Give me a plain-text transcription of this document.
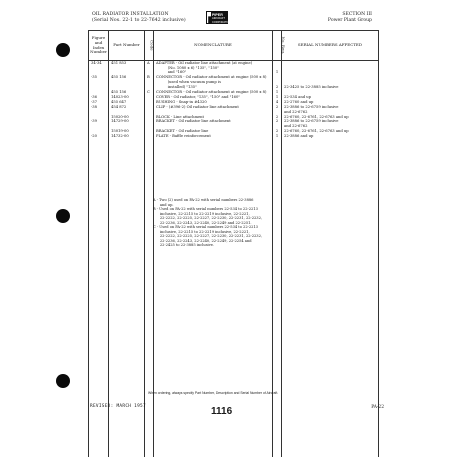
OIL RADIATOR INSTALLATION
(Serial Nos. 22-1 to 22-7642 inclusive)
PIPER
AIRCRAFT CORPORATION
SECTION III
Power Plant Group
Figure and Index Number	Part Number	Code	NOMENCLATURE	No. Req.	SERIAL NUMBERS AFFECTED
34-34	451 853	A	ADAPTER - Oil radiator line attachment (at engine)		
			(No. 1080 x 6) "135", "150"		
			and "160"	1	
-35	455 156	B	CONNECTOR - Oil radiator attachment at engine (500 x 8)		
			(used when vacuum pump is		
			installed) "135"	2	22-3425 to 22-3885 inclusive
	455 156	C	CONNECTOR - Oil radiator attachment at engine (500 x 8)	1	
-36	14023-00		COVER - Oil radiator, "135", "150" and "160"	1	22-534 and up
-37	455 647		BUSHING - Snap-in #4320	4	22-2760 and up
-38	454 872		CLIP - (#396-2) Oil radiator line attachment	2	22-3886 to 22-6759 inclusive
					and 22-6762
	15020-00		BLOCK - Line attachment	2	22-6760, 22-6761, 22-6763 and up
-39	14729-00		BRACKET - Oil radiator line attachment	2	22-3886 to 22-6759 inclusive
					and 22-6762
	15019-00		BRACKET - Oil radiator line	2	22-6760, 22-6761, 22-6763 and up
-20	14732-00		PLATE - Baffle reinforcement	1	22-3886 and up

A - Two (2) used on PA-22 with serial numbers 22-3886

and up.

B - Used on PA-22 with serial numbers 22-534 to 22-2213

inclusive, 22-2215 to 22-2219 inclusive, 22-2221,

22-2222, 22-2225, 22-2227, 22-2230, 22-2231, 22-2232,

22-2236, 22-2243, 22-2240, 22-2249 and 22-2251.

C - Used on PA-22 with serial numbers 22-534 to 22-2213

inclusive, 22-2215 to 22-2219 inclusive, 22-2221,

22-2222, 22-2225, 22-2227, 22-2230, 22-2231, 22-2232,

22-2236, 22-2243, 22-2240, 22-2249, 22-2254 and

22-2425 to 22-3885 inclusive.

When ordering, always specify Part Number, Description and Serial Number of Aircraft.
REVISED: MARCH 1957	1116	PA-22
